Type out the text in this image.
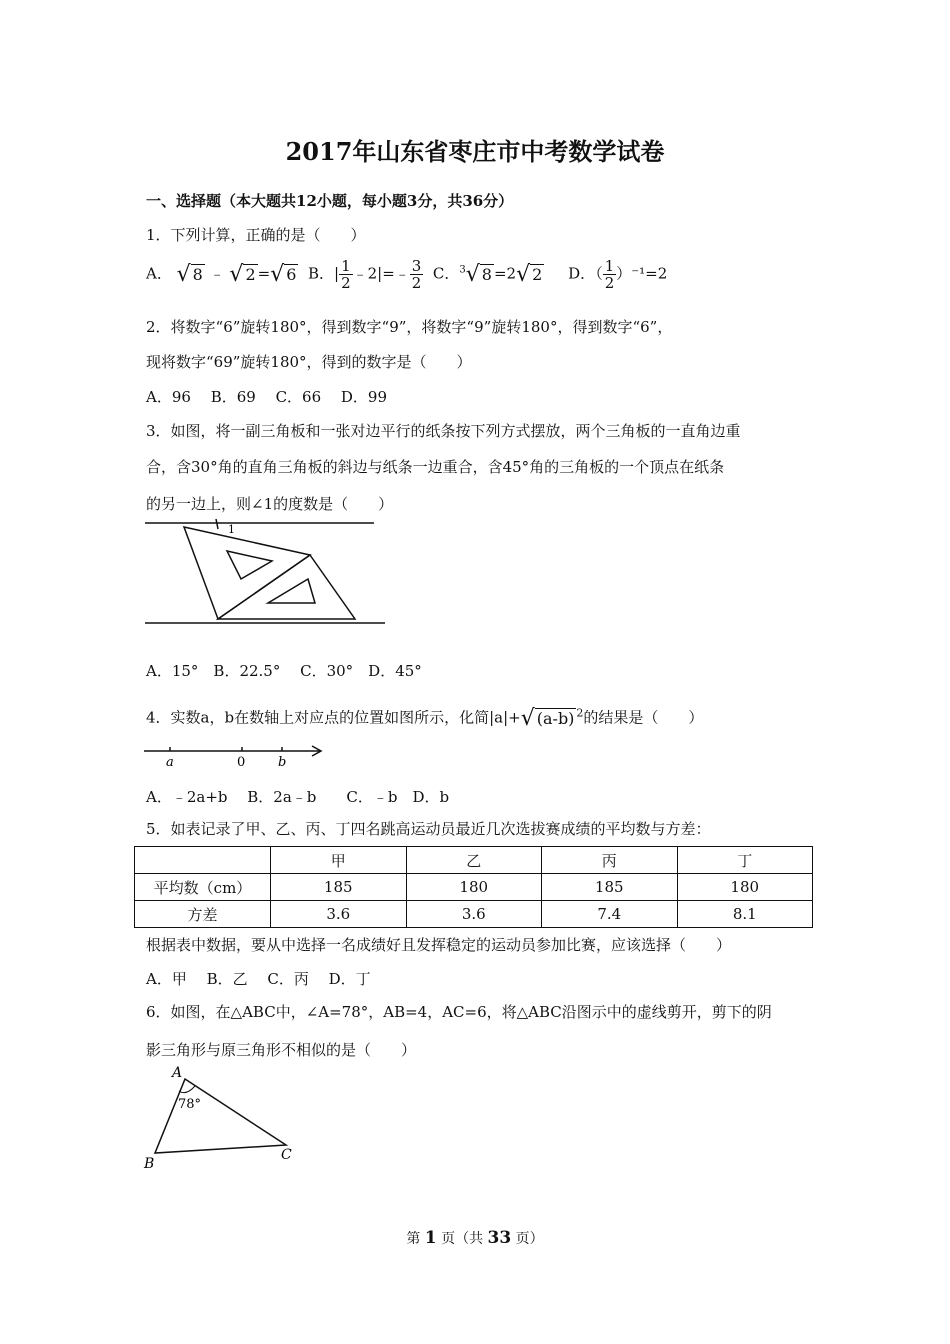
2017年山东省枣庄市中考数学试卷
一、选择题（本大题共12小题，每小题3分，共36分）
1．下列计算，正确的是（　　）
A． √ 8 ﹣ √ 2 =√ 6 B．| $\frac{1}{2}$ ﹣2|=﹣ $\frac{3}{2}$ C．$^3$√ 8 =2√ 2 D．（ $\frac{1}{2} )^{-1}=2$
2．将数字“6”旋转180°，得到数字“9”，将数字“9”旋转180°，得到数字“6”，
现将数字“69”旋转180°，得到的数字是（　　）
A．96　 B．69　 C．66　 D．99
3．如图，将一副三角板和一张对边平行的纸条按下列方式摆放，两个三角板的一直角边重
合，含30°角的直角三角板的斜边与纸条一边重合，含45°角的三角板的一个顶点在纸条
的另一边上，则∠1的度数是（　　）
1
A．15°　B．22.5°　 C．30°　D．45°
4．实数a，b在数轴上对应点的位置如图所示，化简|a|+√ (a-b) $^2$的结果是（　　）
a	0	b
A．﹣2a+b　 B．2a﹣b　　C．﹣b　D．b
5．如表记录了甲、乙、丙、丁四名跳高运动员最近几次选拔赛成绩的平均数与方差：
	甲	乙	丙	丁
平均数（cm）	185	180	185	180
方差	3.6	3.6	7.4	8.1
根据表中数据，要从中选择一名成绩好且发挥稳定的运动员参加比赛，应该选择（　　）
A．甲　 B．乙　 C．丙　 D．丁
6．如图，在△ABC中，∠A=78°，AB=4，AC=6，将△ABC沿图示中的虚线剪开，剪下的阴
影三角形与原三角形不相似的是（　　）
A
B
C
78°
第 1 页（共 33 页）
